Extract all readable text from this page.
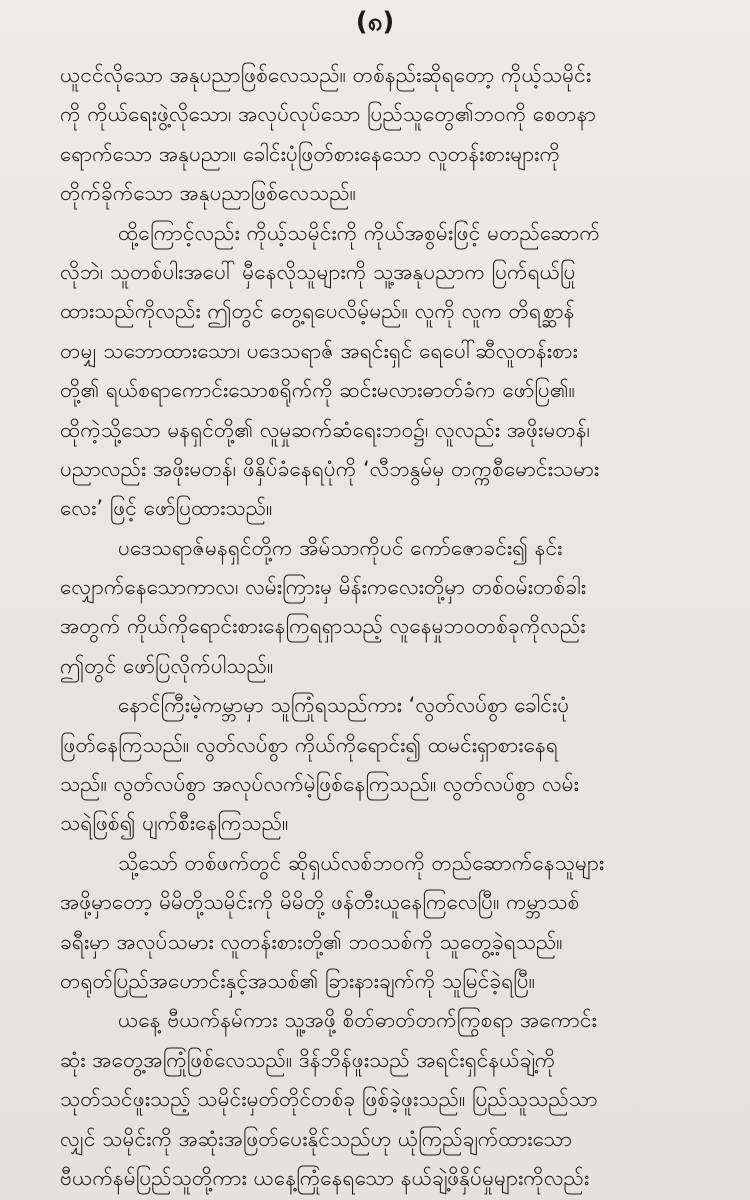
(၈)
ယူငင်လိုသော အနုပညာဖြစ်လေသည်။ တစ်နည်းဆိုရတော့ ကိုယ့်သမိုင်း
ကို ကိုယ်ရေးဖွဲ့လိုသော၊ အလုပ်လုပ်သော ပြည်သူတွေ၏ဘဝကို စေတနာ
ရောက်သော အနုပညာ။ ခေါင်းပုံဖြတ်စားနေသော လူတန်းစားများကို
တိုက်ခိုက်သော အနုပညာဖြစ်လေသည်။
ထို့ကြောင့်လည်း ကိုယ့်သမိုင်းကို ကိုယ်အစွမ်းဖြင့် မတည်ဆောက်
လိုဘဲ၊ သူတစ်ပါးအပေါ် မှီနေလိုသူများကို သူ့အနုပညာက ပြက်ရယ်ပြု
ထားသည်ကိုလည်း ဤတွင် တွေ့ရပေလိမ့်မည်။ လူကို လူက တိရစ္ဆာန်
တမျှ သဘောထားသော၊ ပဒေသရာဇ် အရင်းရှင် ရေပေါ်ဆီလူတန်းစား
တို့၏ ရယ်စရာကောင်းသောစရိုက်ကို ဆင်းမလားဓာတ်ခံက ဖော်ပြ၏။
ထိုကဲ့သို့သော မနရှင်တို့၏ လူမှုဆက်ဆံရေးဘဝ၌၊ လူလည်း အဖိုးမတန်၊
ပညာလည်း အဖိုးမတန်၊ ဖိနှိပ်ခံနေရပုံကို ‘လီဘနွမ်မှ တက္ကစီမောင်းသမား
လေး’ ဖြင့် ဖော်ပြထားသည်။
ပဒေသရာဇ်မနရှင်တို့က အိမ်သာကိုပင် ကော်ဇောခင်း၍ နင်း
လျှောက်နေသောကာလ၊ လမ်းကြားမှ မိန်းကလေးတို့မှာ တစ်ဝမ်းတစ်ခါး
အတွက် ကိုယ်ကိုရောင်းစားနေကြရရှာသည့် လူနေမှုဘဝတစ်ခုကိုလည်း
ဤတွင် ဖော်ပြလိုက်ပါသည်။
နောင်ကြီးမဲ့ကမ္ဘာမှာ သူကြုံရသည်ကား ‘လွတ်လပ်စွာ ခေါင်းပုံ
ဖြတ်နေကြသည်။ လွတ်လပ်စွာ ကိုယ်ကိုရောင်း၍ ထမင်းရှာစားနေရ
သည်။ လွတ်လပ်စွာ အလုပ်လက်မဲ့ဖြစ်နေကြသည်။ လွတ်လပ်စွာ လမ်း
သရဲဖြစ်၍ ပျက်စီးနေကြသည်။
သို့သော် တစ်ဖက်တွင် ဆိုရှယ်လစ်ဘဝကို တည်ဆောက်နေသူများ
အဖို့မှာတော့ မိမိတို့သမိုင်းကို မိမိတို့ ဖန်တီးယူနေကြလေပြီ။ ကမ္ဘာသစ်
ခရီးမှာ အလုပ်သမား လူတန်းစားတို့၏ ဘဝသစ်ကို သူတွေ့ခဲ့ရသည်။
တရုတ်ပြည်အဟောင်းနှင့်အသစ်၏ ခြားနားချက်ကို သူမြင်ခဲ့ရပြီ။
ယနေ့ ဗီယက်နမ်ကား သူ့အဖို့ စိတ်ဓာတ်တက်ကြွစရာ အကောင်း
ဆုံး အတွေ့အကြုံဖြစ်လေသည်။ ဒိန်ဘိန်ဖူးသည် အရင်းရှင်နယ်ချဲ့ကို
သုတ်သင်ဖူးသည့် သမိုင်းမှတ်တိုင်တစ်ခု ဖြစ်ခဲ့ဖူးသည်။ ပြည်သူသည်သာ
လျှင် သမိုင်းကို အဆုံးအဖြတ်ပေးနိုင်သည်ဟု ယုံကြည်ချက်ထားသော
ဗီယက်နမ်ပြည်သူတို့ကား ယနေ့ကြုံနေရသော နယ်ချဲ့ဖိနှိပ်မှုများကိုလည်း
